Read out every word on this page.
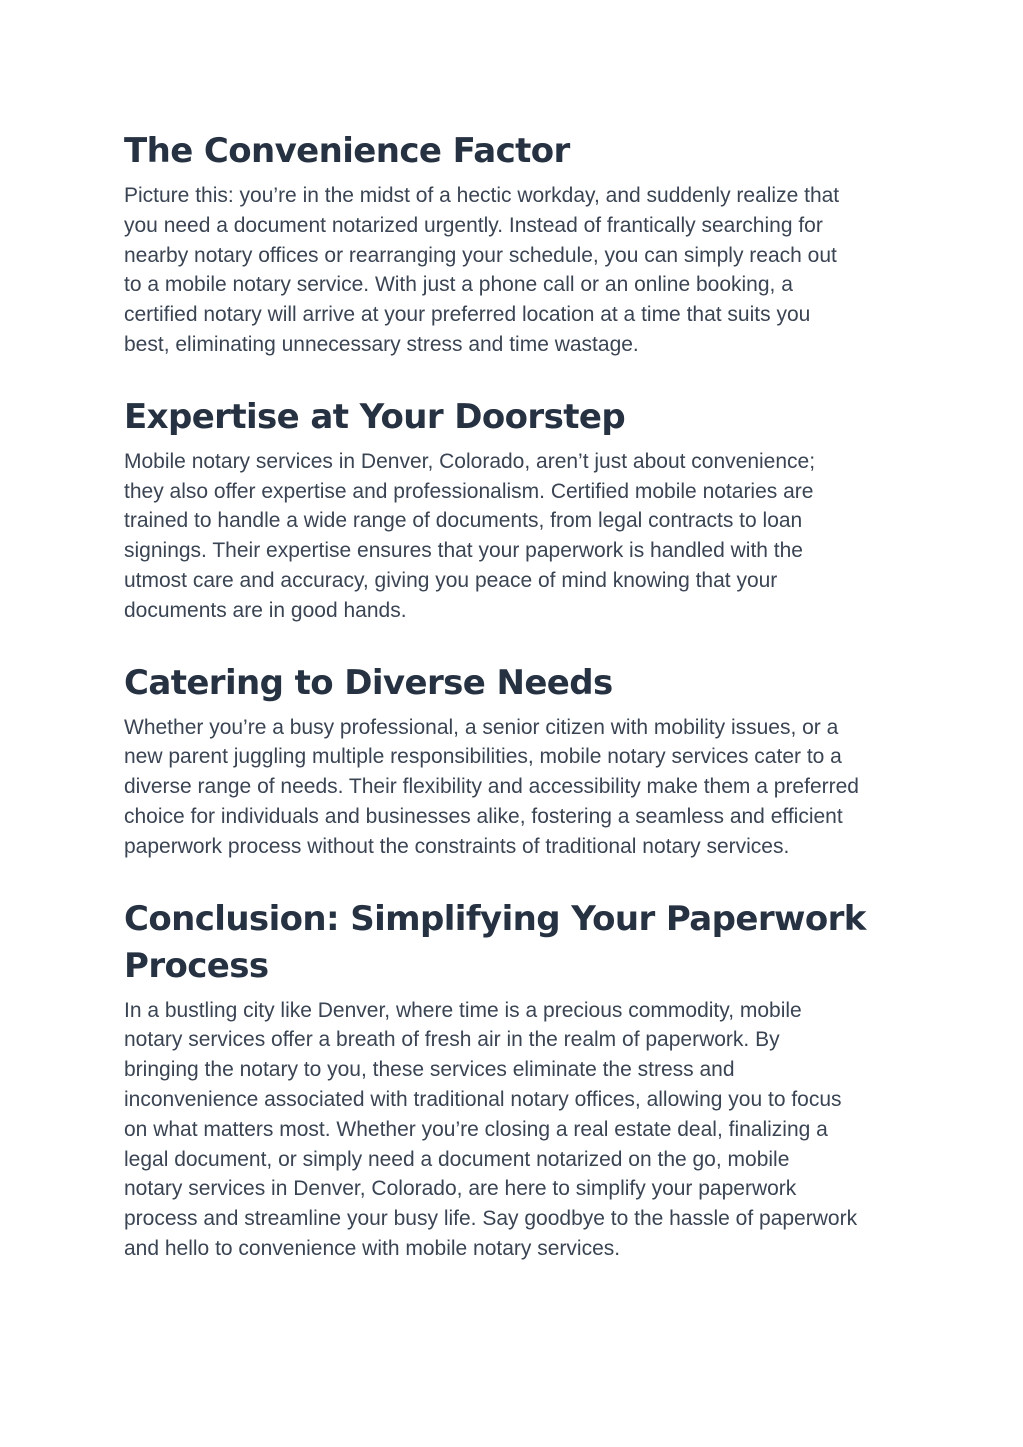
The Convenience Factor

Picture this: you’re in the midst of a hectic workday, and suddenly realize that
you need a document notarized urgently. Instead of frantically searching for
nearby notary offices or rearranging your schedule, you can simply reach out
to a mobile notary service. With just a phone call or an online booking, a
certified notary will arrive at your preferred location at a time that suits you
best, eliminating unnecessary stress and time wastage.

Expertise at Your Doorstep

Mobile notary services in Denver, Colorado, aren’t just about convenience;
they also offer expertise and professionalism. Certified mobile notaries are
trained to handle a wide range of documents, from legal contracts to loan
signings. Their expertise ensures that your paperwork is handled with the
utmost care and accuracy, giving you peace of mind knowing that your
documents are in good hands.

Catering to Diverse Needs

Whether you’re a busy professional, a senior citizen with mobility issues, or a
new parent juggling multiple responsibilities, mobile notary services cater to a
diverse range of needs. Their flexibility and accessibility make them a preferred
choice for individuals and businesses alike, fostering a seamless and efficient
paperwork process without the constraints of traditional notary services.

Conclusion: Simplifying Your Paperwork
Process

In a bustling city like Denver, where time is a precious commodity, mobile
notary services offer a breath of fresh air in the realm of paperwork. By
bringing the notary to you, these services eliminate the stress and
inconvenience associated with traditional notary offices, allowing you to focus
on what matters most. Whether you’re closing a real estate deal, finalizing a
legal document, or simply need a document notarized on the go, mobile
notary services in Denver, Colorado, are here to simplify your paperwork
process and streamline your busy life. Say goodbye to the hassle of paperwork
and hello to convenience with mobile notary services.
